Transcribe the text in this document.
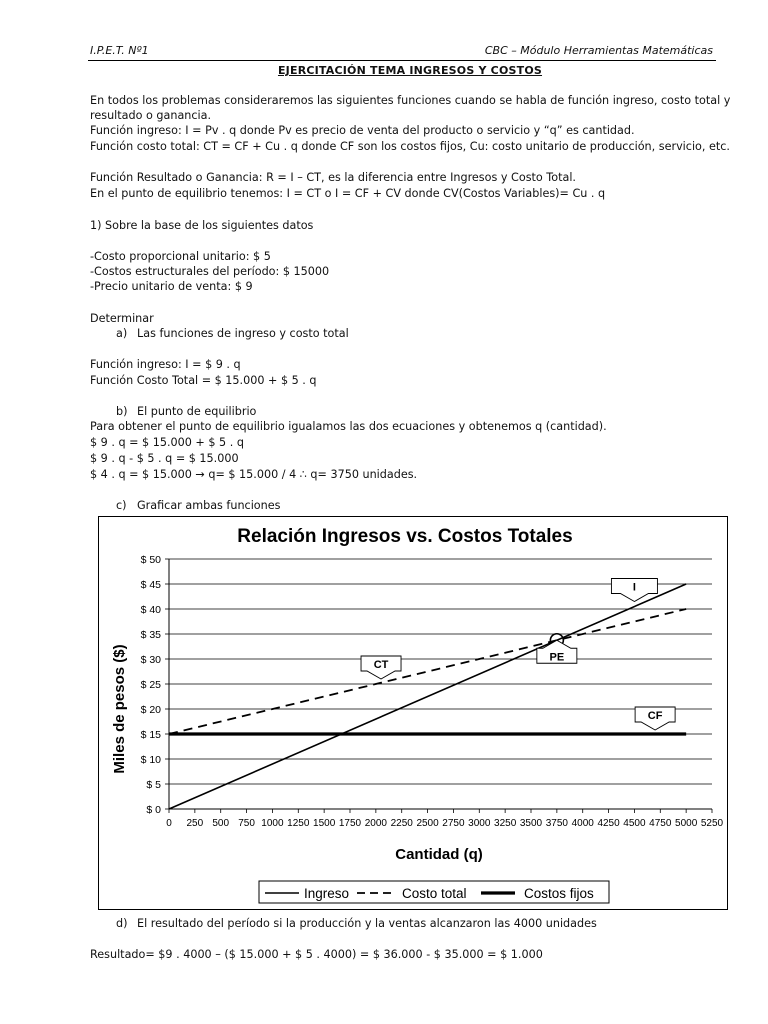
I.P.E.T. Nº1	CBC – Módulo Herramientas Matemáticas
EJERCITACIÓN TEMA INGRESOS Y COSTOS
En todos los problemas consideraremos las siguientes funciones cuando se habla de función ingreso, costo total y resultado o ganancia.
Función ingreso: I = Pv . q donde Pv es precio de venta del producto o servicio y “q” es cantidad.
Función costo total: CT = CF + Cu . q donde CF son los costos fijos, Cu: costo unitario de producción, servicio, etc.
Función Resultado o Ganancia: R = I – CT, es la diferencia entre Ingresos y Costo Total.
En el punto de equilibrio tenemos: I = CT o I = CF + CV donde CV(Costos Variables)= Cu . q
1) Sobre la base de los siguientes datos
-Costo proporcional unitario: $ 5
-Costos estructurales del período: $ 15000
-Precio unitario de venta: $ 9
Determinar
a) Las funciones de ingreso y costo total
Función ingreso: I = $ 9 . q
Función Costo Total = $ 15.000 + $ 5 . q
b) El punto de equilibrio
Para obtener el punto de equilibrio igualamos las dos ecuaciones y obtenemos q (cantidad).
$ 9 . q = $ 15.000 + $ 5 . q
$ 9 . q - $ 5 . q = $ 15.000
$ 4 . q = $ 15.000 → q= $ 15.000 / 4 ∴ q= 3750 unidades.
c) Graficar ambas funciones
Relación Ingresos vs. Costos Totales
Miles de pesos ($)
Cantidad (q)
$ 0
$ 5
$ 10
$ 15
$ 20
$ 25
$ 30
$ 35
$ 40
$ 45
$ 50
0 250 500 750 1000 1250 1500 1750 2000 2250 2500 2750 3000 3250 3500 3750 4000 4250 4500 4750 5000 5250
I
CT
PE
CF
Ingreso	Costo total	Costos fijos
d) El resultado del período si la producción y la ventas alcanzaron las 4000 unidades
Resultado= $9 . 4000 – ($ 15.000 + $ 5 . 4000) = $ 36.000 - $ 35.000 = $ 1.000
